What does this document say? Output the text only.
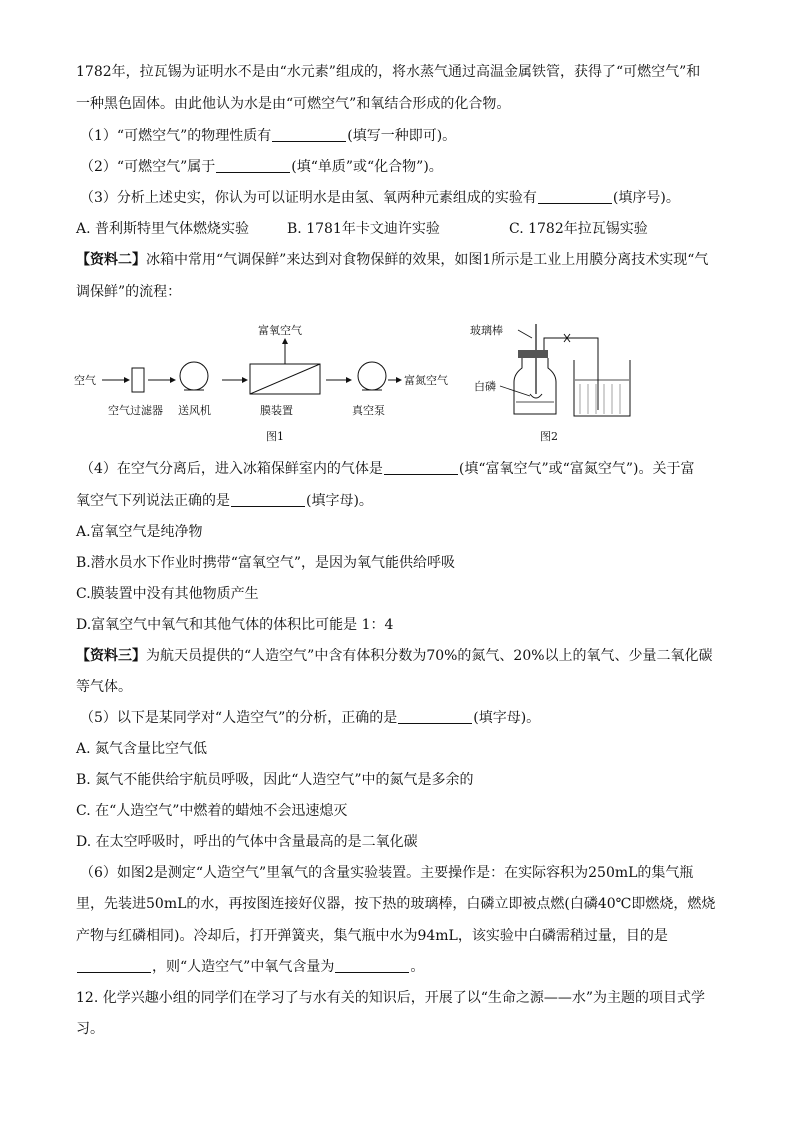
1782年，拉瓦锡为证明水不是由“水元素”组成的，将水蒸气通过高温金属铁管，获得了“可燃空气”和
一种黑色固体。由此他认为水是由“可燃空气”和氧结合形成的化合物。
（1）“可燃空气”的物理性质有	(填写一种即可)。
（2）“可燃空气”属于	(填“单质”或“化合物”)。
（3）分析上述史实，你认为可以证明水是由氢、氧两种元素组成的实验有	(填序号)。
A. 普利斯特里气体燃烧实验	B. 1781年卡文迪许实验	C. 1782年拉瓦锡实验
【资料二】冰箱中常用“气调保鲜”来达到对食物保鲜的效果，如图1所示是工业上用膜分离技术实现“气
调保鲜”的流程：
空气
富氧空气
富氮空气
空气过滤器 送风机	膜装置	真空泵
图1
玻璃棒
白磷
图2
（4）在空气分离后，进入冰箱保鲜室内的气体是	(填“富氧空气”或“富氮空气”)。关于富
氧空气下列说法正确的是	(填字母)。
A.富氧空气是纯净物
B.潜水员水下作业时携带“富氧空气”，是因为氧气能供给呼吸
C.膜装置中没有其他物质产生
D.富氧空气中氧气和其他气体的体积比可能是 1：4
【资料三】为航天员提供的“人造空气”中含有体积分数为70%的氮气、20%以上的氧气、少量二氧化碳
等气体。
（5）以下是某同学对“人造空气”的分析，正确的是	(填字母)。
A. 氮气含量比空气低
B. 氮气不能供给宇航员呼吸，因此“人造空气”中的氮气是多余的
C. 在“人造空气”中燃着的蜡烛不会迅速熄灭
D. 在太空呼吸时，呼出的气体中含量最高的是二氧化碳
（6）如图2是测定“人造空气”里氧气的含量实验装置。主要操作是：在实际容积为250mL的集气瓶
里，先装进50mL的水，再按图连接好仪器，按下热的玻璃棒，白磷立即被点燃(白磷40℃即燃烧，燃烧
产物与红磷相同)。冷却后，打开弹簧夹，集气瓶中水为94mL，该实验中白磷需稍过量，目的是
，则“人造空气”中氧气含量为	。
12. 化学兴趣小组的同学们在学习了与水有关的知识后，开展了以“生命之源——水”为主题的项目式学
习。
